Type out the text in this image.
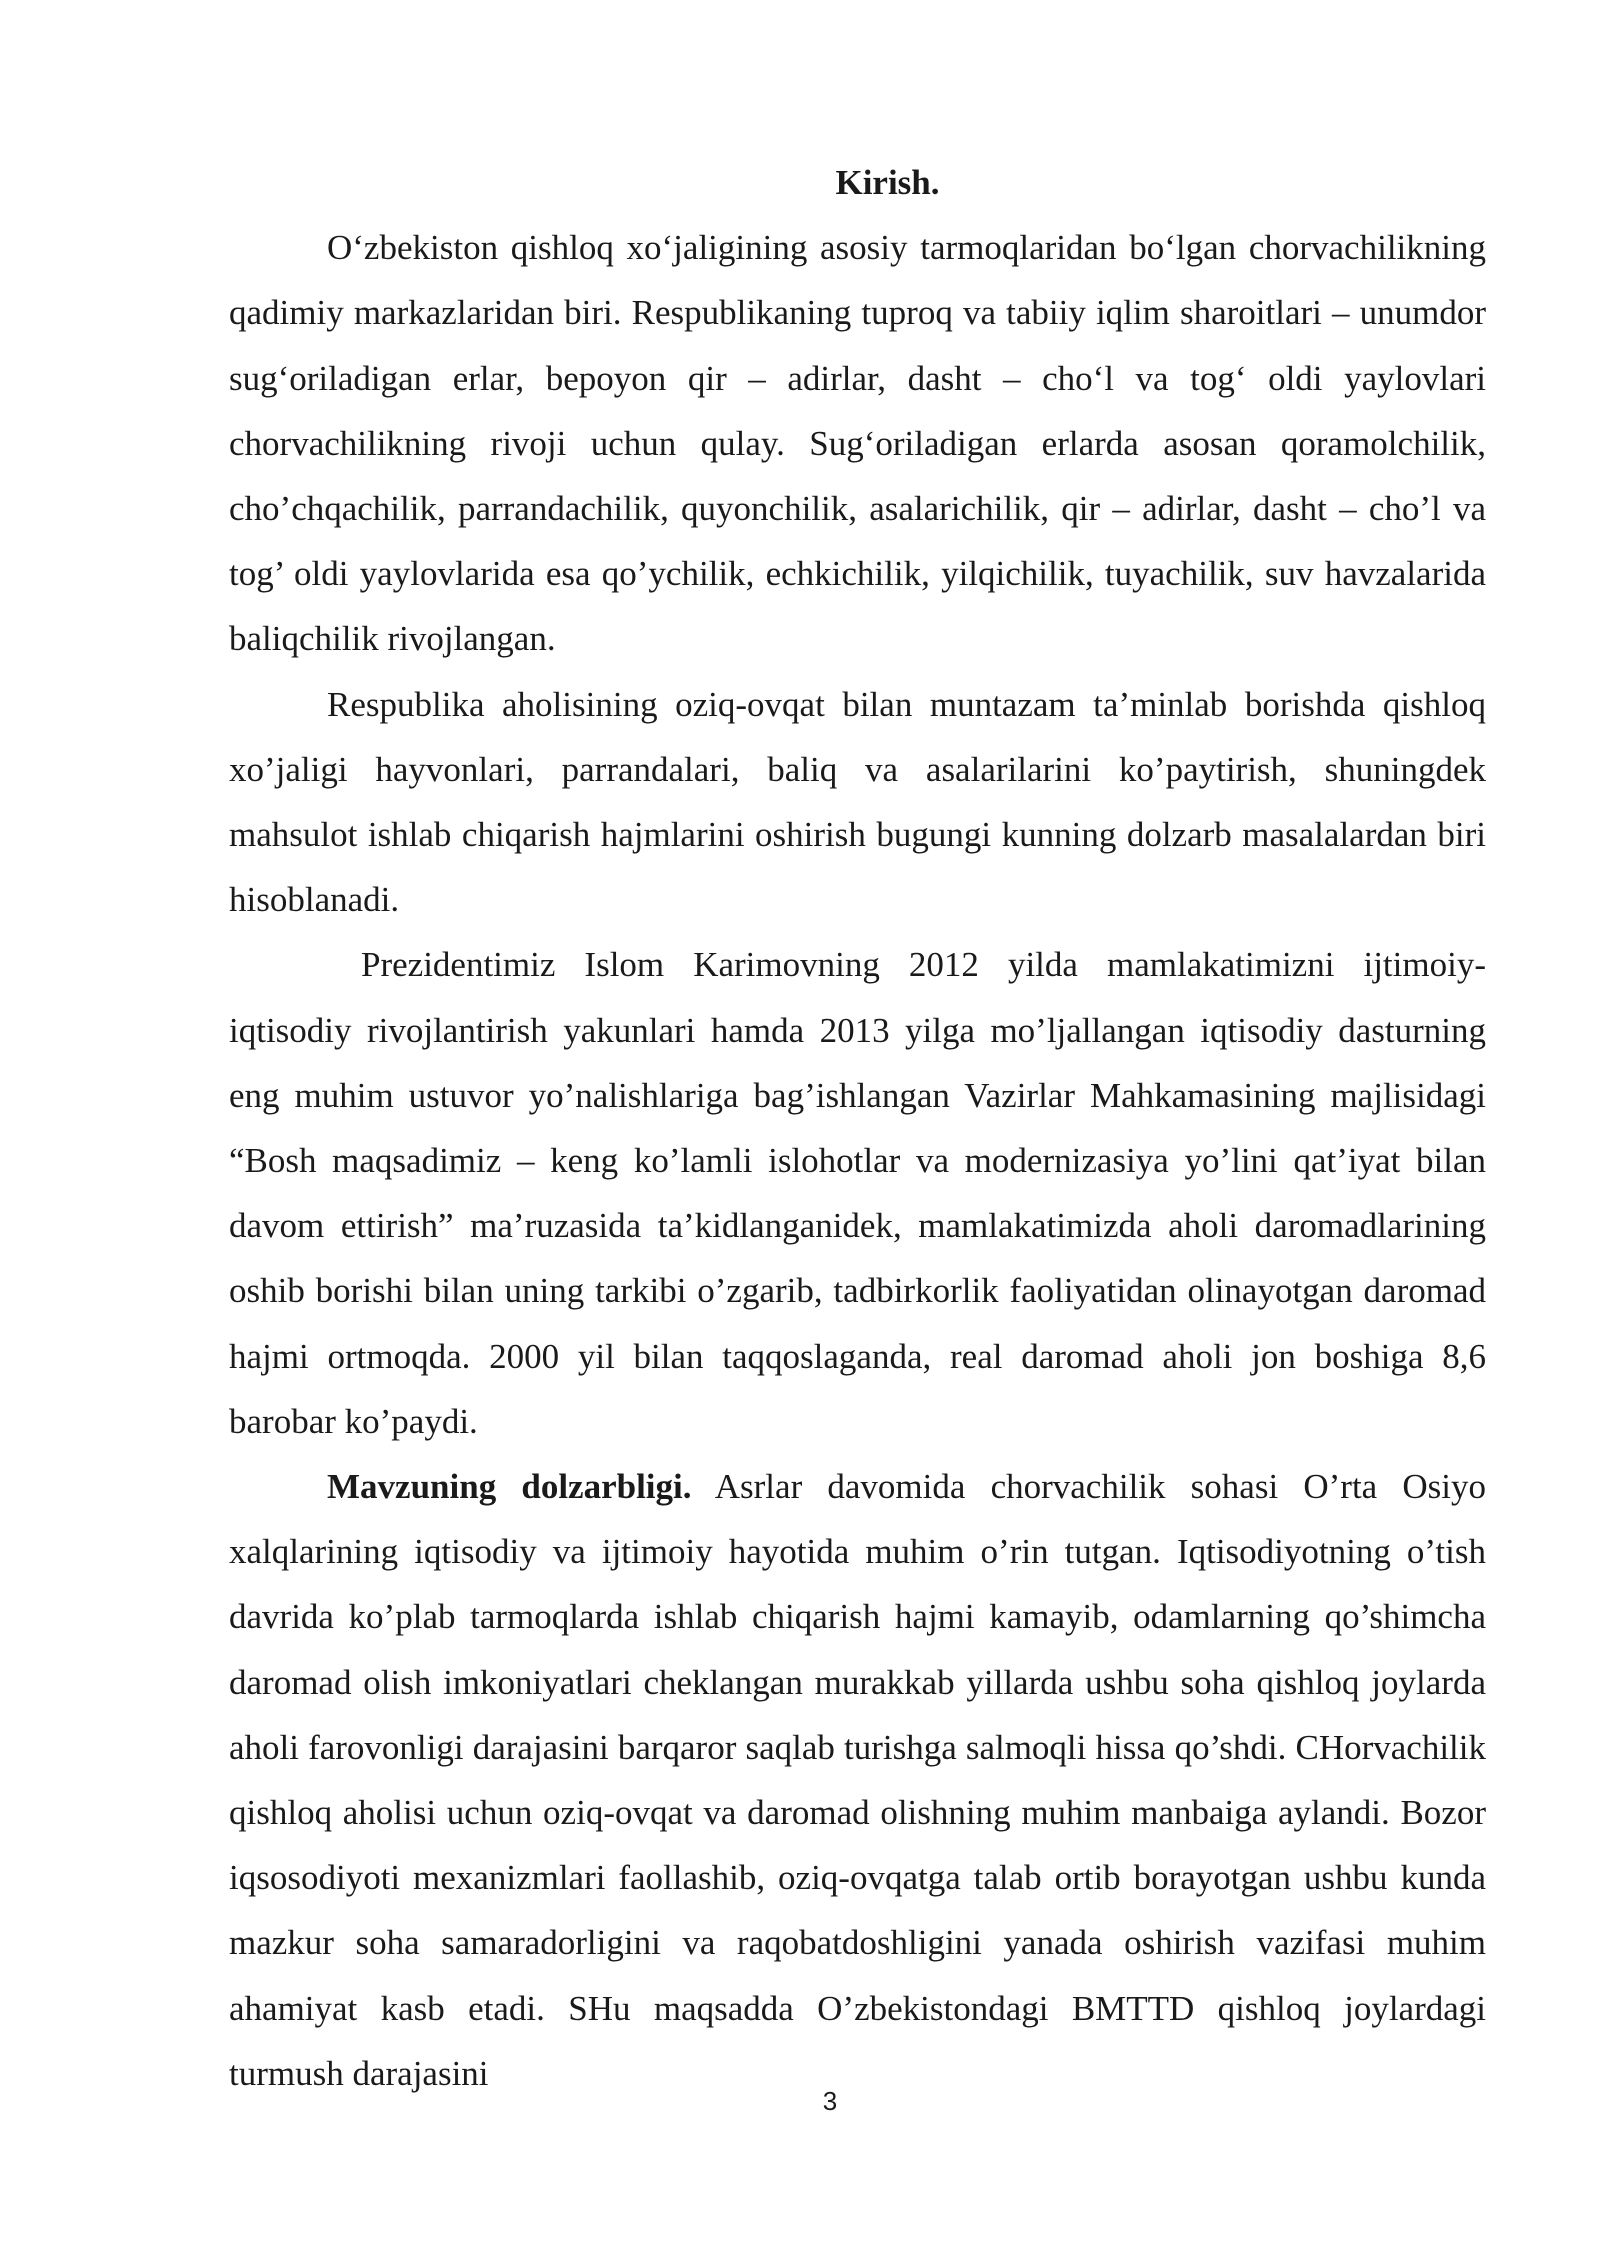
Kirish.

O‘zbekiston qishloq xo‘jaligining asosiy tarmoqlaridan bo‘lgan chorvachilikning qadimiy markazlaridan biri. Respublikaning tuproq va tabiiy iqlim sharoitlari – unumdor sug‘oriladigan erlar, bepoyon qir – adirlar, dasht – cho‘l va tog‘ oldi yaylovlari chorvachilikning rivoji uchun qulay. Sug‘oriladigan erlarda asosan qoramolchilik, cho’chqachilik, parrandachilik, quyonchilik, asalarichilik, qir – adirlar, dasht – cho’l va tog’ oldi yaylovlarida esa qo’ychilik, echkichilik, yilqichilik, tuyachilik, suv havzalarida baliqchilik rivojlangan.

Respublika aholisining oziq-ovqat bilan muntazam ta’minlab borishda qishloq xo’jaligi hayvonlari, parrandalari, baliq va asalarilarini ko’paytirish, shuningdek mahsulot ishlab chiqarish hajmlarini oshirish bugungi kunning dolzarb masalalardan biri hisoblanadi.

Prezidentimiz Islom Karimovning 2012 yilda mamlakatimizni ijtimoiy-iqtisodiy rivojlantirish yakunlari hamda 2013 yilga mo’ljallangan iqtisodiy dasturning eng muhim ustuvor yo’nalishlariga bag’ishlangan Vazirlar Mahkamasining majlisidagi “Bosh maqsadimiz – keng ko’lamli islohotlar va modernizasiya yo’lini qat’iyat bilan davom ettirish” ma’ruzasida ta’kidlanganidek, mamlakatimizda aholi daromadlarining oshib borishi bilan uning tarkibi o’zgarib, tadbirkorlik faoliyatidan olinayotgan daromad hajmi ortmoqda. 2000 yil bilan taqqoslaganda, real daromad aholi jon boshiga 8,6 barobar ko’paydi.

Mavzuning dolzarbligi. Asrlar davomida chorvachilik sohasi O’rta Osiyo xalqlarining iqtisodiy va ijtimoiy hayotida muhim o’rin tutgan. Iqtisodiyotning o’tish davrida ko’plab tarmoqlarda ishlab chiqarish hajmi kamayib, odamlarning qo’shimcha daromad olish imkoniyatlari cheklangan murakkab yillarda ushbu soha qishloq joylarda aholi farovonligi darajasini barqaror saqlab turishga salmoqli hissa qo’shdi. CHorvachilik qishloq aholisi uchun oziq-ovqat va daromad olishning muhim manbaiga aylandi. Bozor iqsosodiyoti mexanizmlari faollashib, oziq-ovqatga talab ortib borayotgan ushbu kunda mazkur soha samaradorligini va raqobatdoshligini yanada oshirish vazifasi muhim ahamiyat kasb etadi. SHu maqsadda O’zbekistondagi BMTTD qishloq joylardagi turmush darajasini

3
